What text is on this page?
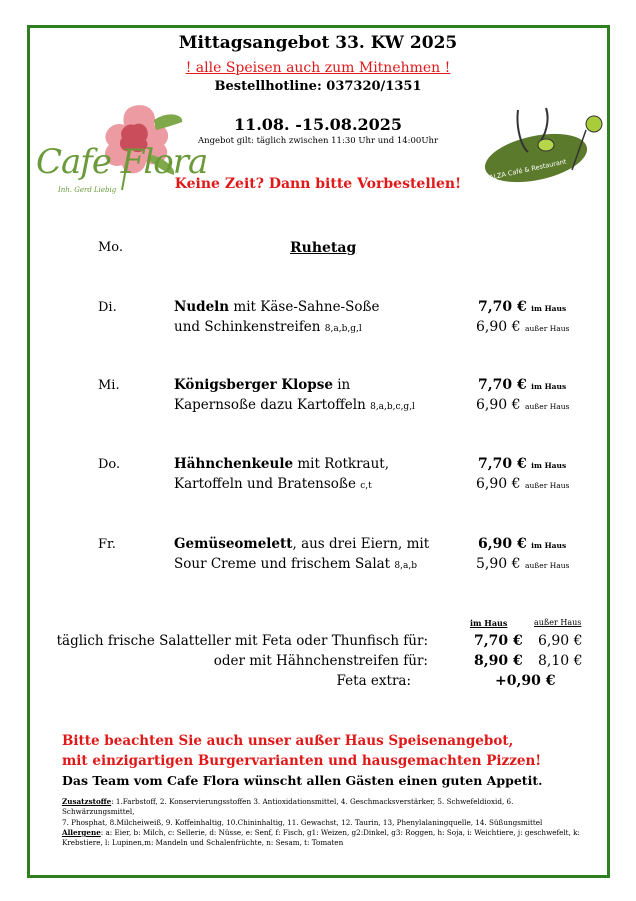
Mittagsangebot 33. KW 2025
! alle Speisen auch zum Mitnehmen !
Bestellhotline: 037320/1351
11.08. -15.08.2025
Angebot gilt: täglich zwischen 11:30 Uhr und 14:00Uhr
Keine Zeit? Dann bitte Vorbestellen!
Cafe Flora
Inh. Gerd Liebig
CALZA Café & Restaurant
Mo.	Ruhetag
Di.	Nudeln mit Käse-Sahne-Soße
und Schinkenstreifen 8,a,b,g,l
7,70 € im Haus
6,90 € außer Haus
Mi.	Königsberger Klopse in
Kapernsoße dazu Kartoffeln 8,a,b,c,g,l
7,70 € im Haus
6,90 € außer Haus
Do.	Hähnchenkeule mit Rotkraut,
Kartoffeln und Bratensoße c,t
7,70 € im Haus
6,90 € außer Haus
Fr.	Gemüseomelett, aus drei Eiern, mit
Sour Creme und frischem Salat 8,a,b
6,90 € im Haus
5,90 € außer Haus
im Haus	außer Haus
täglich frische Salatteller mit Feta oder Thunfisch für:	7,70 € 6,90 €
oder mit Hähnchenstreifen für:	8,90 € 8,10 €
Feta extra:	+0,90 €
Bitte beachten Sie auch unser außer Haus Speisenangebot,
mit einzigartigen Burgervarianten und hausgemachten Pizzen!
Das Team vom Cafe Flora wünscht allen Gästen einen guten Appetit.
Zusatzstoffe: 1.Farbstoff, 2. Konservierungsstoffen 3. Antioxidationsmittel, 4. Geschmacksverstärker, 5. Schwefeldioxid, 6. Schwärzungsmittel,
7. Phosphat, 8.Milcheiweiß, 9. Koffeinhaltig, 10.Chininhaltig, 11. Gewachst, 12. Taurin, 13, Phenylalaningquelle, 14. Süßungsmittel
Allergene: a: Eier, b: Milch, c: Sellerie, d: Nüsse, e: Senf, f: Fisch, g1: Weizen, g2:Dinkel, g3: Roggen, h: Soja, i: Weichtiere, j: geschwefelt, k: Krebstiere, l: Lupinen,m: Mandeln und Schalenfrüchte, n: Sesam, t: Tomaten
